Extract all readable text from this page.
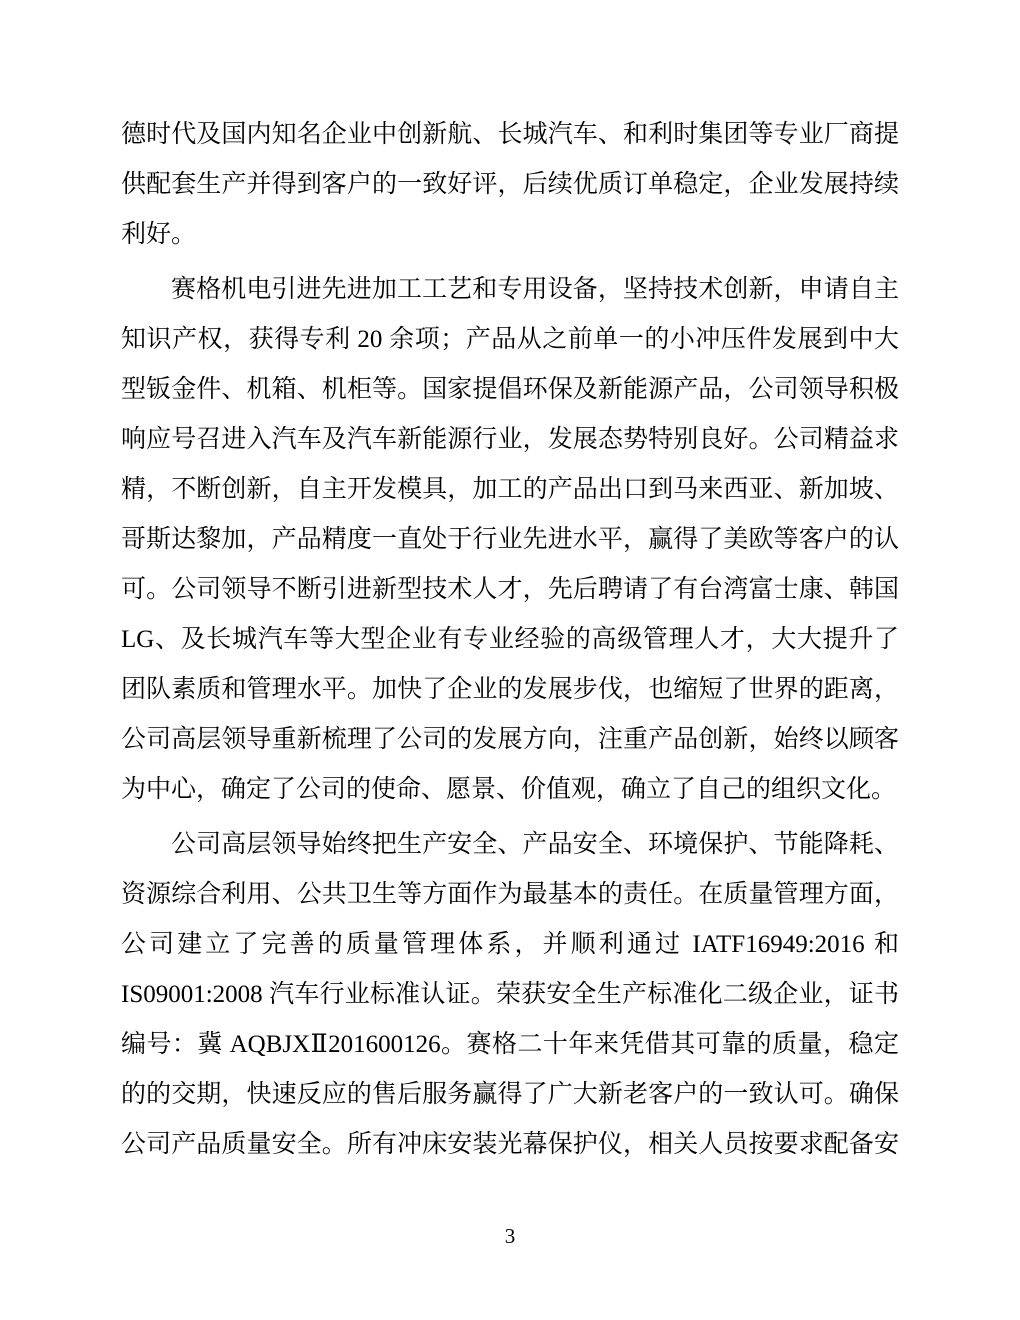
德时代及国内知名企业中创新航、长城汽车、和利时集团等专业厂商提
供配套生产并得到客户的一致好评，后续优质订单稳定，企业发展持续
利好。
赛格机电引进先进加工工艺和专用设备，坚持技术创新，申请自主
知识产权，获得专利 20 余项；产品从之前单一的小冲压件发展到中大
型钣金件、机箱、机柜等。国家提倡环保及新能源产品，公司领导积极
响应号召进入汽车及汽车新能源行业，发展态势特别良好。公司精益求
精，不断创新，自主开发模具，加工的产品出口到马来西亚、新加坡、
哥斯达黎加，产品精度一直处于行业先进水平，赢得了美欧等客户的认
可。公司领导不断引进新型技术人才，先后聘请了有台湾富士康、韩国
LG、及长城汽车等大型企业有专业经验的高级管理人才，大大提升了
团队素质和管理水平。加快了企业的发展步伐，也缩短了世界的距离，
公司高层领导重新梳理了公司的发展方向，注重产品创新，始终以顾客
为中心，确定了公司的使命、愿景、价值观，确立了自己的组织文化。
公司高层领导始终把生产安全、产品安全、环境保护、节能降耗、
资源综合利用、公共卫生等方面作为最基本的责任。在质量管理方面，
公司建立了完善的质量管理体系，并顺利通过 IATF16949:2016 和
IS09001:2008 汽车行业标准认证。荣获安全生产标准化二级企业，证书
编号：冀 AQBJXⅡ201600126。赛格二十年来凭借其可靠的质量，稳定
的的交期，快速反应的售后服务赢得了广大新老客户的一致认可。确保
公司产品质量安全。所有冲床安装光幕保护仪，相关人员按要求配备安
3
